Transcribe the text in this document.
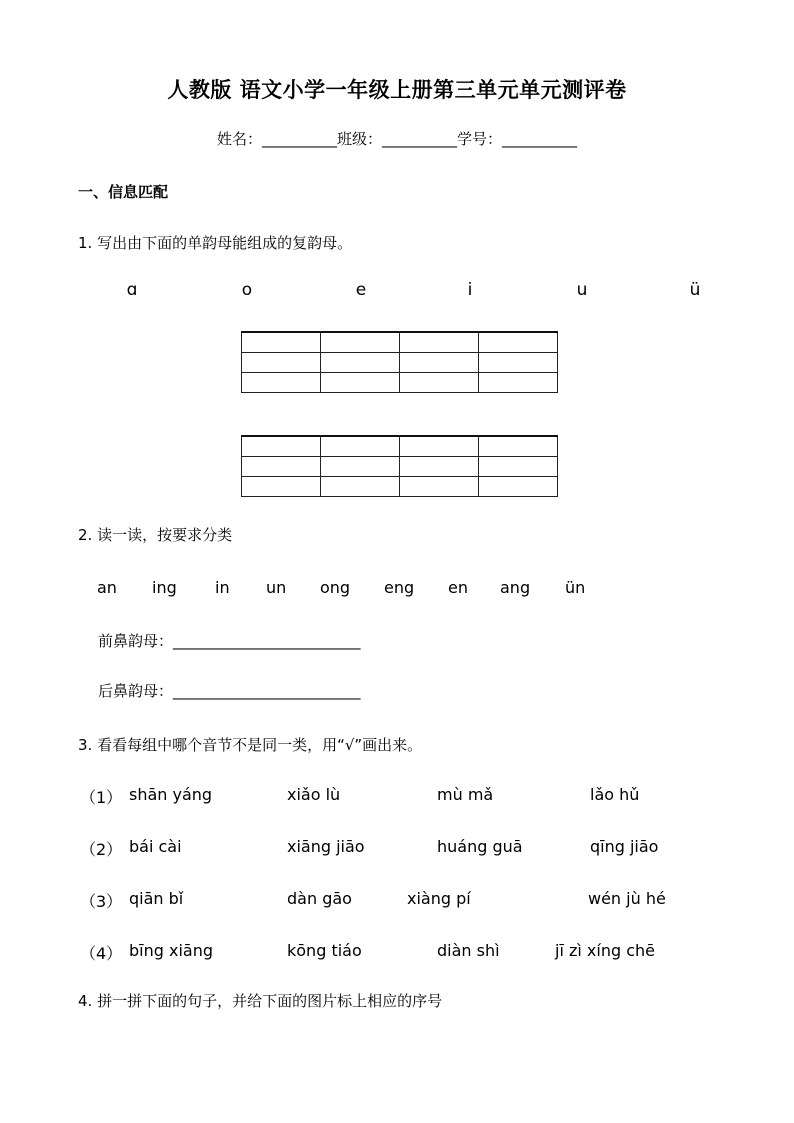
人教版 语文小学一年级上册第三单元单元测评卷
姓名：__________班级：__________学号：__________
一、信息匹配
1. 写出由下面的单韵母能组成的复韵母。
ɑ	o	e	i	u	ü

2. 读一读，按要求分类
an ing in un ong eng en ang ün
前鼻韵母：_________________________
后鼻韵母：_________________________
3. 看看每组中哪个音节不是同一类，用“√”画出来。
（1） shān yáng	xiǎo lù	mù mǎ	lǎo hǔ
（2） bái cài	xiāng jiāo	huáng guā	qīng jiāo
（3） qiān bǐ	dàn gāo	xiàng pí	wén jù hé
（4） bīng xiāng	kōng tiáo	diàn shì	jī zì xíng chē
4. 拼一拼下面的句子，并给下面的图片标上相应的序号
